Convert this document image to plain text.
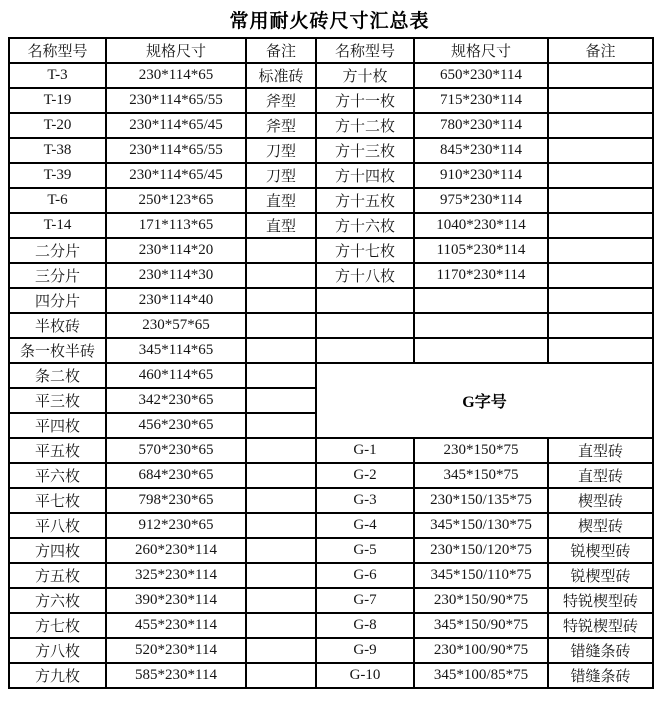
常用耐火砖尺寸汇总表
名称型号	规格尺寸	备注	名称型号	规格尺寸	备注
T-3	230*114*65	标准砖	方十枚	650*230*114	
T-19	230*114*65/55	斧型	方十一枚	715*230*114	
T-20	230*114*65/45	斧型	方十二枚	780*230*114	
T-38	230*114*65/55	刀型	方十三枚	845*230*114	
T-39	230*114*65/45	刀型	方十四枚	910*230*114	
T-6	250*123*65	直型	方十五枚	975*230*114	
T-14	171*113*65	直型	方十六枚	1040*230*114	
二分片	230*114*20		方十七枚	1105*230*114	
三分片	230*114*30		方十八枚	1170*230*114	
四分片	230*114*40				
半枚砖	230*57*65				
条一枚半砖	345*114*65				
条二枚	460*114*65		G字号		
平三枚	342*230*65				
平四枚	456*230*65				
平五枚	570*230*65		G-1	230*150*75	直型砖
平六枚	684*230*65		G-2	345*150*75	直型砖
平七枚	798*230*65		G-3	230*150/135*75	楔型砖
平八枚	912*230*65		G-4	345*150/130*75	楔型砖
方四枚	260*230*114		G-5	230*150/120*75	锐楔型砖
方五枚	325*230*114		G-6	345*150/110*75	锐楔型砖
方六枚	390*230*114		G-7	230*150/90*75	特锐楔型砖
方七枚	455*230*114		G-8	345*150/90*75	特锐楔型砖
方八枚	520*230*114		G-9	230*100/90*75	错缝条砖
方九枚	585*230*114		G-10	345*100/85*75	错缝条砖
